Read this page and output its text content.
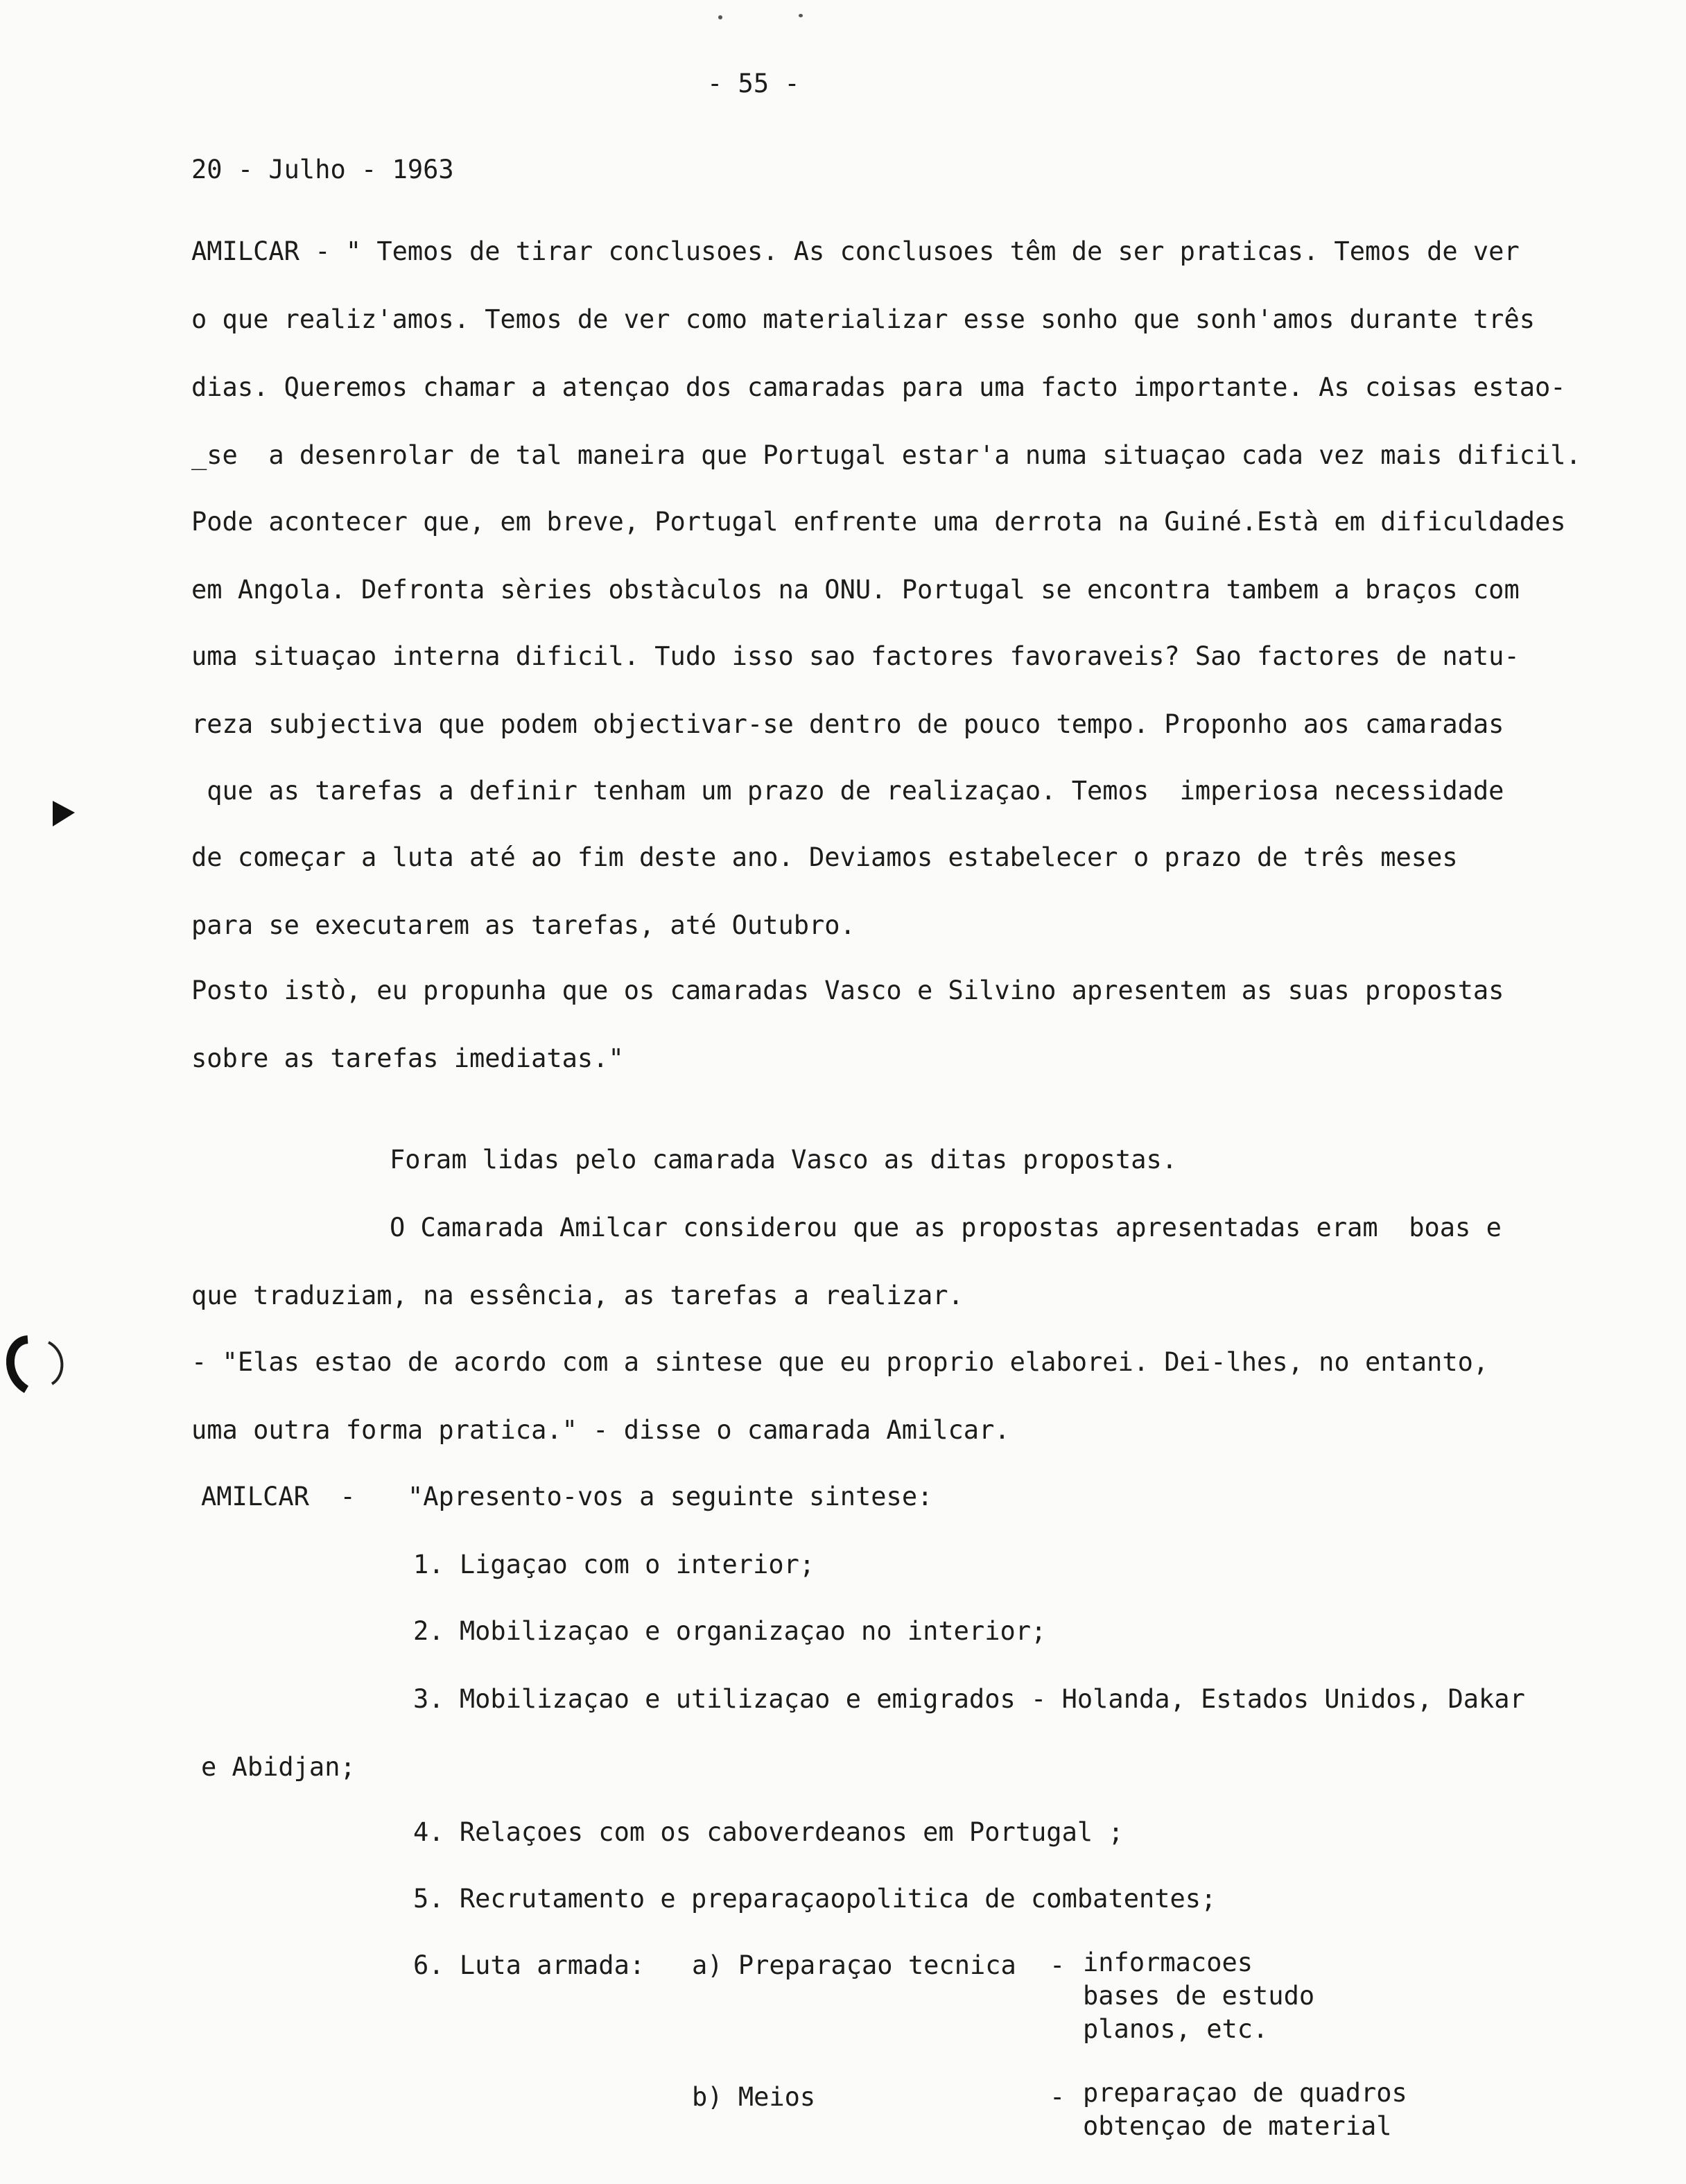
- 55 -
20 - Julho - 1963
AMILCAR - " Temos de tirar conclusoes. As conclusoes têm de ser praticas. Temos de ver
o que realiz'amos. Temos de ver como materializar esse sonho que sonh'amos durante três
dias. Queremos chamar a atençao dos camaradas para uma facto importante. As coisas estao-
_se  a desenrolar de tal maneira que Portugal estar'a numa situaçao cada vez mais dificil.
Pode acontecer que, em breve, Portugal enfrente uma derrota na Guiné.Està em dificuldades
em Angola. Defronta sèries obstàculos na ONU. Portugal se encontra tambem a braços com
uma situaçao interna dificil. Tudo isso sao factores favoraveis? Sao factores de natu-
reza subjectiva que podem objectivar-se dentro de pouco tempo. Proponho aos camaradas
que as tarefas a definir tenham um prazo de realizaçao. Temos  imperiosa necessidade
de começar a luta até ao fim deste ano. Deviamos estabelecer o prazo de três meses
para se executarem as tarefas, até Outubro.
Posto istò, eu propunha que os camaradas Vasco e Silvino apresentem as suas propostas
sobre as tarefas imediatas."
Foram lidas pelo camarada Vasco as ditas propostas.
O Camarada Amilcar considerou que as propostas apresentadas eram  boas e
que traduziam, na essência, as tarefas a realizar.
- "Elas estao de acordo com a sintese que eu proprio elaborei. Dei-lhes, no entanto,
uma outra forma pratica." - disse o camarada Amilcar.
AMILCAR  - "Apresento-vos a seguinte sintese:
1. Ligaçao com o interior;
2. Mobilizaçao e organizaçao no interior;
3. Mobilizaçao e utilizaçao e emigrados - Holanda, Estados Unidos, Dakar
e Abidjan;
4. Relaçoes com os caboverdeanos em Portugal ;
5. Recrutamento e preparaçaopolitica de combatentes;
6. Luta armada: a) Preparaçao tecnica - informacoes
bases de estudo
planos, etc.
b) Meios	- preparaçao de quadros
obtençao de material
